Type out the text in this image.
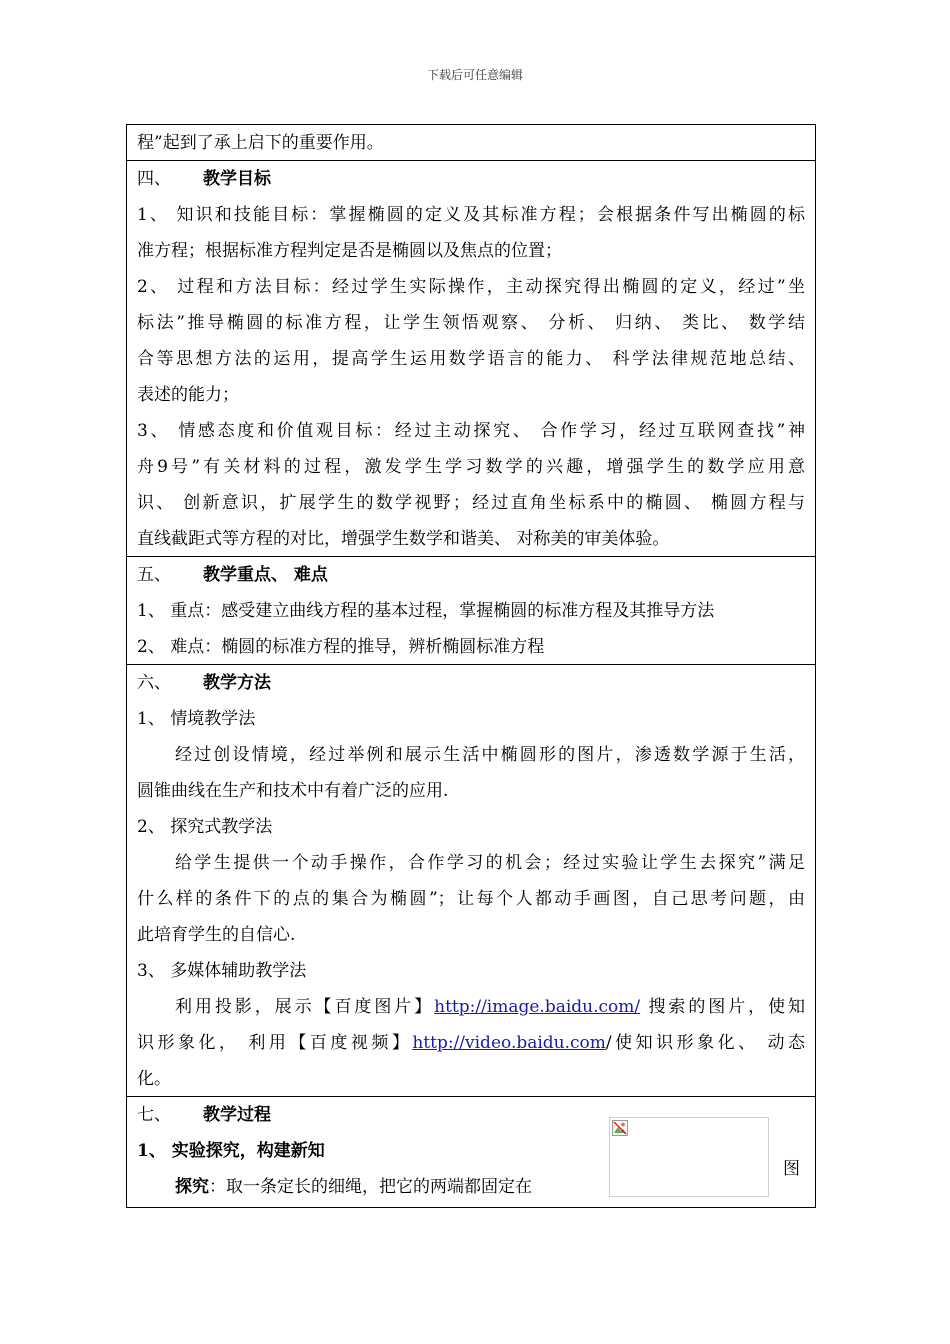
下载后可任意编辑
程”起到了承上启下的重要作用。
四、 教学目标
1、 知识和技能目标：掌握椭圆的定义及其标准方程；会根据条件写出椭圆的标
准方程；根据标准方程判定是否是椭圆以及焦点的位置；
2、 过程和方法目标：经过学生实际操作，主动探究得出椭圆的定义，经过”坐
标法”推导椭圆的标准方程，让学生领悟观察、 分析、 归纳、 类比、 数学结
合等思想方法的运用，提高学生运用数学语言的能力、 科学法律规范地总结、
表述的能力；
3、 情感态度和价值观目标：经过主动探究、 合作学习，经过互联网查找”神
舟9号”有关材料的过程，激发学生学习数学的兴趣，增强学生的数学应用意
识、 创新意识，扩展学生的数学视野；经过直角坐标系中的椭圆、 椭圆方程与
直线截距式等方程的对比，增强学生数学和谐美、 对称美的审美体验。
五、 教学重点、 难点
1、 重点：感受建立曲线方程的基本过程，掌握椭圆的标准方程及其推导方法
2、 难点：椭圆的标准方程的推导，辨析椭圆标准方程
六、 教学方法
1、 情境教学法
经过创设情境，经过举例和展示生活中椭圆形的图片，渗透数学源于生活，
圆锥曲线在生产和技术中有着广泛的应用.
2、 探究式教学法
给学生提供一个动手操作，合作学习的机会；经过实验让学生去探究”满足
什么样的条件下的点的集合为椭圆”；让每个人都动手画图，自己思考问题，由
此培育学生的自信心.
3、 多媒体辅助教学法
利用投影，展示【百度图片】http://image.baidu.com/ 搜索的图片，使知
识形象化， 利用【百度视频】http://video.baidu.com/使知识形象化、 动态
化。
七、 教学过程
1、 实验探究，构建新知
探究：取一条定长的细绳，把它的两端都固定在
图
